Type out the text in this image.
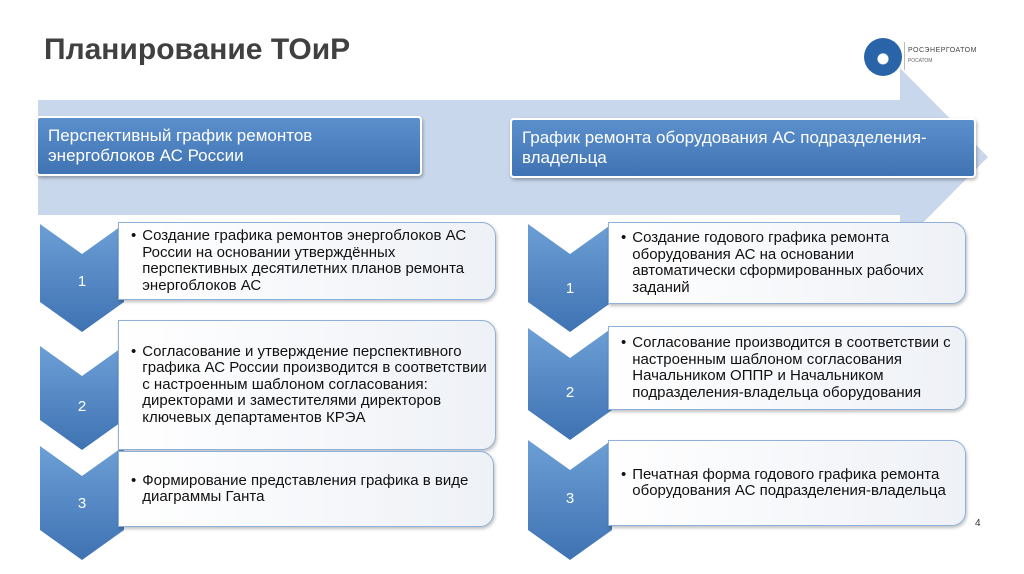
Планирование ТОиР	РОСЭНЕРГОАТОМ
РОСАТОМ
Перспективный график ремонтов энергоблоков АС России
График ремонта оборудования АС подразделения-владельца
1
2
3
1
2
3
• Создание графика ремонтов энергоблоков АС России на основании утверждённых перспективных десятилетних планов ремонта энергоблоков АС
• Согласование и утверждение перспективного графика АС России производится в соответствии с настроенным шаблоном согласования: директорами и заместителями директоров ключевых департаментов КРЭА
• Формирование представления графика в виде диаграммы Ганта
• Создание годового графика ремонта оборудования АС на основании автоматически сформированных рабочих заданий
• Согласование производится в соответствии с настроенным шаблоном согласования Начальником ОППР и Начальником подразделения-владельца оборудования
• Печатная форма годового графика ремонта оборудования АС подразделения-владельца
4
